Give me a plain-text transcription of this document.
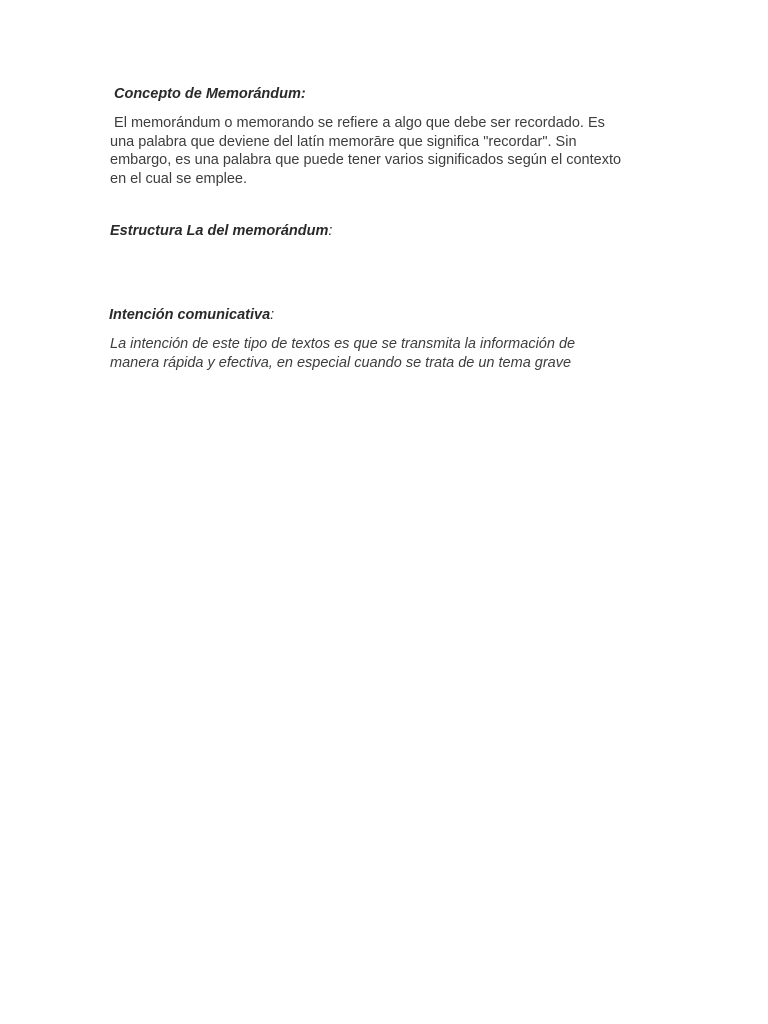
Concepto de Memorándum:

El memorándum o memorando se refiere a algo que debe ser recordado. Es
una palabra que deviene del latín memorāre que significa "recordar". Sin
embargo, es una palabra que puede tener varios significados según el contexto
en el cual se emplee.

Estructura La del memorándum:
Intención comunicativa:

La intención de este tipo de textos es que se transmita la información de
manera rápida y efectiva, en especial cuando se trata de un tema grave
